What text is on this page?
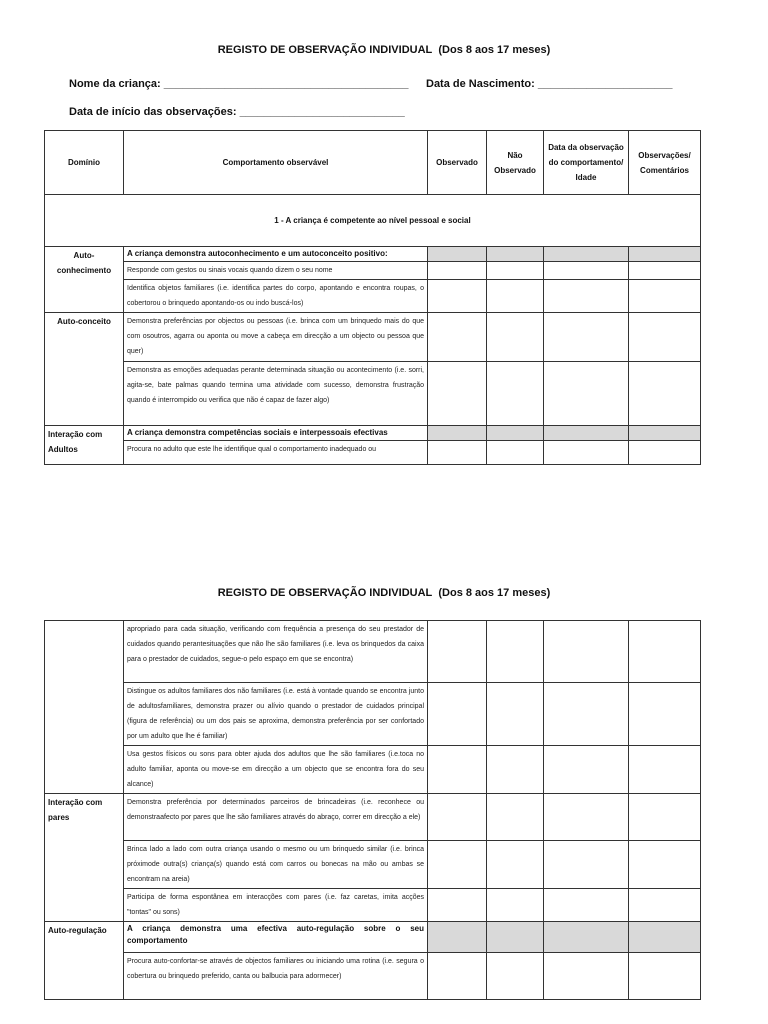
REGISTO DE OBSERVAÇÃO INDIVIDUAL (Dos 8 aos 17 meses)
Nome da criança: ________________________________________ Data de Nascimento: ______________________
Data de início das observações: ___________________________
Domínio	Comportamento observável	Observado	Não Observado	Data da observação do comportamento/ Idade	Observações/ Comentários
1 - A criança é competente ao nível pessoal e social					
Auto-conhecimento	A criança demonstra autoconhecimento e um autoconceito positivo:				
	Responde com gestos ou sinais vocais quando dizem o seu nome				
	Identifica objetos familiares (i.e. identifica partes do corpo, apontando e encontra roupas, o cobertorou o brinquedo apontando-os ou indo buscá-los)				
Auto-conceito	Demonstra preferências por objectos ou pessoas (i.e. brinca com um brinquedo mais do que com osoutros, agarra ou aponta ou move a cabeça em direcção a um objecto ou pessoa que quer)				
	Demonstra as emoções adequadas perante determinada situação ou acontecimento (i.e. sorri, agita-se, bate palmas quando termina uma atividade com sucesso, demonstra frustração quando é interrompido ou verifica que não é capaz de fazer algo)				
Interação com Adultos	A criança demonstra competências sociais e interpessoais efectivas				
	Procura no adulto que este lhe identifique qual o comportamento inadequado ou				
REGISTO DE OBSERVAÇÃO INDIVIDUAL (Dos 8 aos 17 meses)
	apropriado para cada situação, verificando com frequência a presença do seu prestador de cuidados quando perantesituações que não lhe são familiares (i.e. leva os brinquedos da caixa para o prestador de cuidados, segue-o pelo espaço em que se encontra)				
	Distingue os adultos familiares dos não familiares (i.e. está à vontade quando se encontra junto de adultosfamiliares, demonstra prazer ou alívio quando o prestador de cuidados principal (figura de referência) ou um dos pais se aproxima, demonstra preferência por ser confortado por um adulto que lhe é familiar)				
	Usa gestos físicos ou sons para obter ajuda dos adultos que lhe são familiares (i.e.toca no adulto familiar, aponta ou move-se em direcção a um objecto que se encontra fora do seu alcance)				
Interação com pares	Demonstra preferência por determinados parceiros de brincadeiras (i.e. reconhece ou demonstraafecto por pares que lhe são familiares através do abraço, correr em direcção a ele)				
	Brinca lado a lado com outra criança usando o mesmo ou um brinquedo similar (i.e. brinca próximode outra(s) criança(s) quando está com carros ou bonecas na mão ou ambas se encontram na areia)				
	Participa de forma espontânea em interacções com pares (i.e. faz caretas, imita acções "tontas" ou sons)				
Auto-regulação	A criança demonstra uma efectiva auto-regulação sobre o seu comportamento				
	Procura auto-confortar-se através de objectos familiares ou iniciando uma rotina (i.e. segura o cobertura ou brinquedo preferido, canta ou balbucia para adormecer)				
